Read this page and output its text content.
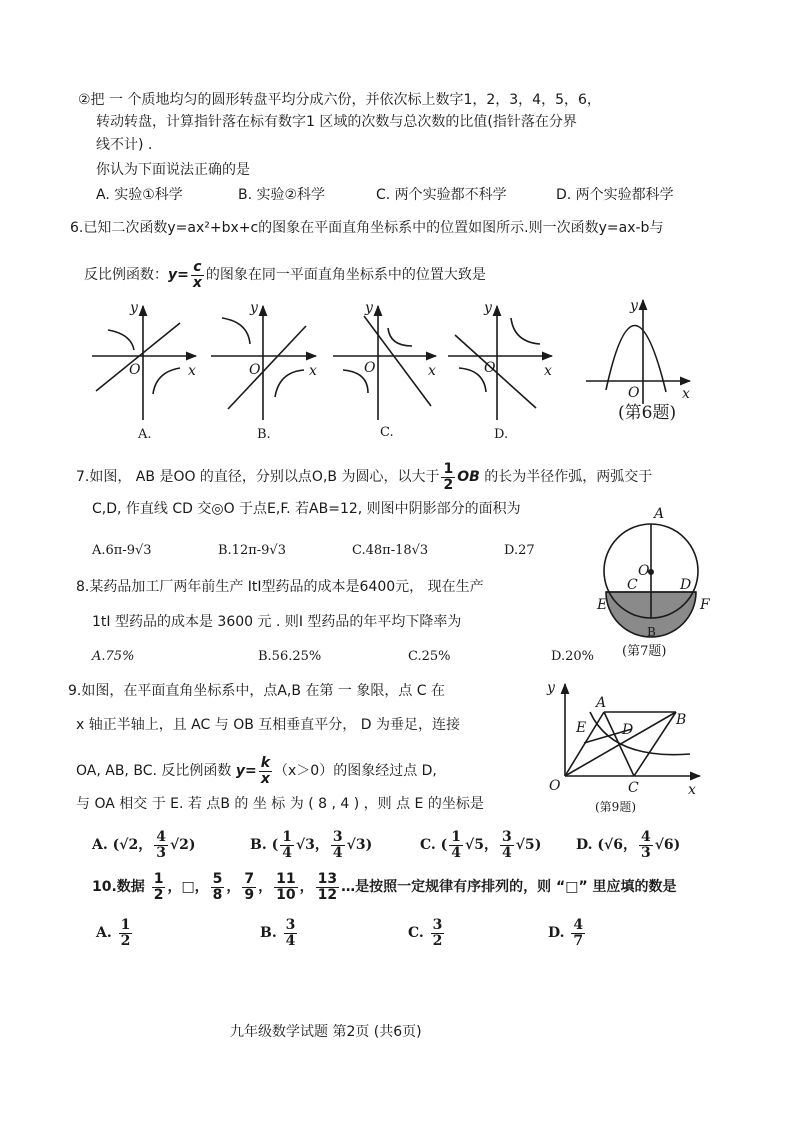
②把 一 个质地均匀的圆形转盘平均分成六份，并依次标上数字1，2，3，4，5，6，
转动转盘，计算指针落在标有数字1 区域的次数与总次数的比值(指针落在分界
线不计) .
你认为下面说法正确的是
A. 实验①科学	B. 实验②科学	C. 两个实验都不科学	D. 两个实验都科学
6.已知二次函数y=ax²+bx+c的图象在平面直角坐标系中的位置如图所示.则一次函数y=ax-b与
反比例函数：$y= \frac{c}{x}$ 的图象在同一平面直角坐标系中的位置大致是
y
x
O
y
x
O
y
x
O
y
x
O
y
x
O
A.	B.	C.	D.
(第6题)
A
O
C	D
E	F
B
(第7题)
y
x
O
A
B
C
D
E
(第9题)
7.如图， AB 是OO 的直径，分别以点O,B 为圆心，以大于 $\frac{1}{2}$ OB 的长为半径作弧，两弧交于
C,D, 作直线 CD 交◎O 于点E,F. 若AB=12, 则图中阴影部分的面积为
A.6π-9√3	B.12π-9√3	C.48π-18√3	D.27
8.某药品加工厂两年前生产 ItI型药品的成本是6400元， 现在生产
1tI 型药品的成本是 3600 元 . 则I 型药品的年平均下降率为
A.75%	B.56.25%	C.25%	D.20%
9.如图，在平面直角坐标系中，点A,B 在第 一 象限，点 C 在
x 轴正半轴上，且 AC 与 OB 互相垂直平分， D 为垂足，连接
OA, AB, BC. 反比例函数 $y= \frac{k}{x} (x>0)$的图象经过点 D,
与 OA 相交 于 E. 若 点B 的 坐 标 为 ( 8 , 4 ) ，则 点 E 的坐标是
A. (√2， $\frac{4}{3} √2$)	B. ( $\frac{1}{4} √3$， $\frac{3}{4} √3$)	C. ( $\frac{1}{4} √5$， $\frac{3}{4} √5$) D. (√6， $\frac{4}{3} √6$)
10.数据 $\frac{1}{2}$ ，□， $\frac{5}{8}$ ， $\frac{7}{9}$ ， $\frac{11}{10}$ ， $\frac{13}{12}$ …是按照一定规律有序排列的，则 “□” 里应填的数是
A. $\frac{1}{2}$	B. $\frac{3}{4}$	C. $\frac{3}{2}$	D. $\frac{4}{7}$
九年级数学试题 第2页 (共6页)
